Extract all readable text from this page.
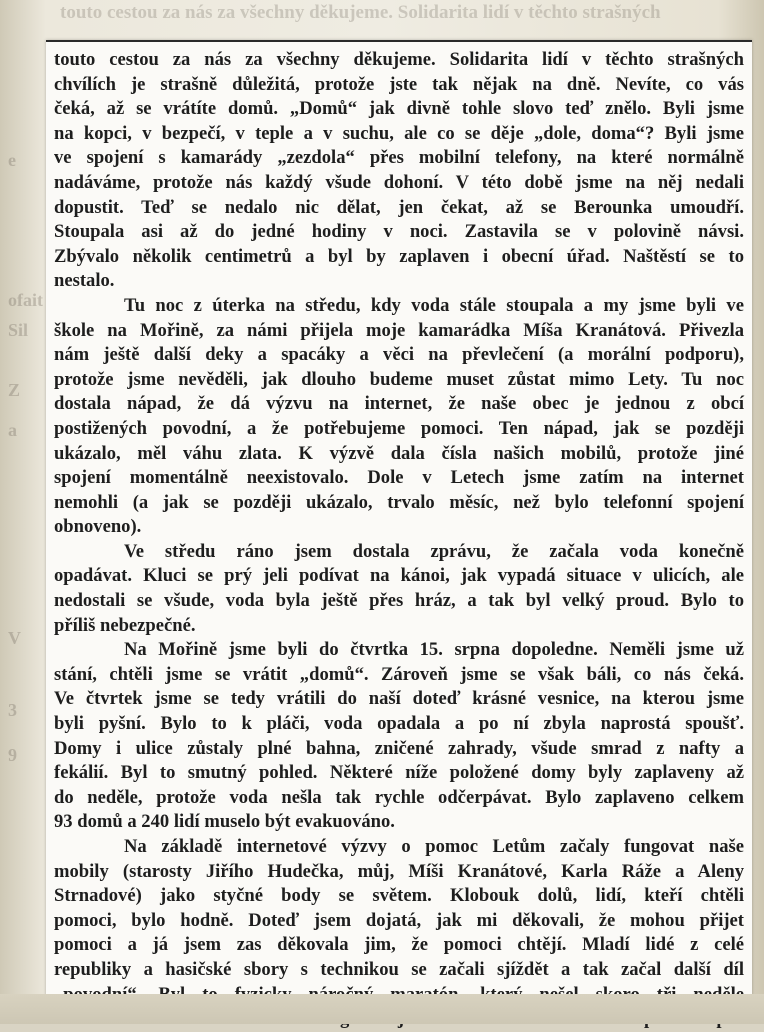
touto cestou za nás za všechny děkujeme. Solidarita lidí v těchto strašných
e
ofait
Sil
Z
a
V
3
9
touto cestou za nás za všechny děkujeme. Solidarita lidí v těchto strašných
chvílích je strašně důležitá, protože jste tak nějak na dně. Nevíte, co vás
čeká, až se vrátíte domů. „Domů“ jak divně tohle slovo teď znělo. Byli jsme
na kopci, v bezpečí, v teple a v suchu, ale co se děje „dole, doma“? Byli jsme
ve spojení s kamarády „zezdola“ přes mobilní telefony, na které normálně
nadáváme, protože nás každý všude dohoní. V této době jsme na něj nedali
dopustit. Teď se nedalo nic dělat, jen čekat, až se Berounka umoudří.
Stoupala asi až do jedné hodiny v noci. Zastavila se v polovině návsi.
Zbývalo několik centimetrů a byl by zaplaven i obecní úřad. Naštěstí se to
nestalo.
Tu noc z úterka na středu, kdy voda stále stoupala a my jsme byli ve
škole na Mořině, za námi přijela moje kamarádka Míša Kranátová. Přivezla
nám ještě další deky a spacáky a věci na převlečení (a morální podporu),
protože jsme nevěděli, jak dlouho budeme muset zůstat mimo Lety. Tu noc
dostala nápad, že dá výzvu na internet, že naše obec je jednou z obcí
postižených povodní, a že potřebujeme pomoci. Ten nápad, jak se později
ukázalo, měl váhu zlata. K výzvě dala čísla našich mobilů, protože jiné
spojení momentálně neexistovalo. Dole v Letech jsme zatím na internet
nemohli (a jak se později ukázalo, trvalo měsíc, než bylo telefonní spojení
obnoveno).
Ve středu ráno jsem dostala zprávu, že začala voda konečně
opadávat. Kluci se prý jeli podívat na kánoi, jak vypadá situace v ulicích, ale
nedostali se všude, voda byla ještě přes hráz, a tak byl velký proud. Bylo to
příliš nebezpečné.
Na Mořině jsme byli do čtvrtka 15. srpna dopoledne. Neměli jsme už
stání, chtěli jsme se vrátit „domů“. Zároveň jsme se však báli, co nás čeká.
Ve čtvrtek jsme se tedy vrátili do naší doteď krásné vesnice, na kterou jsme
byli pyšní. Bylo to k pláči, voda opadala a po ní zbyla naprostá spoušť.
Domy i ulice zůstaly plné bahna, zničené zahrady, všude smrad z nafty a
fekálií. Byl to smutný pohled. Některé níže položené domy byly zaplaveny až
do neděle, protože voda nešla tak rychle odčerpávat. Bylo zaplaveno celkem
93 domů a 240 lidí muselo být evakuováno.
Na základě internetové výzvy o pomoc Letům začaly fungovat naše
mobily (starosty Jiřího Hudečka, můj, Míši Kranátové, Karla Ráže a Aleny
Strnadové) jako styčné body se světem. Klobouk dolů, lidí, kteří chtěli
pomoci, bylo hodně. Doteď jsem dojatá, jak mi děkovali, že mohou přijet
pomoci a já jsem zas děkovala jim, že pomoci chtějí. Mladí lidé z celé
republiky a hasičské sbory s technikou se začali sjíždět a tak začal další díl
